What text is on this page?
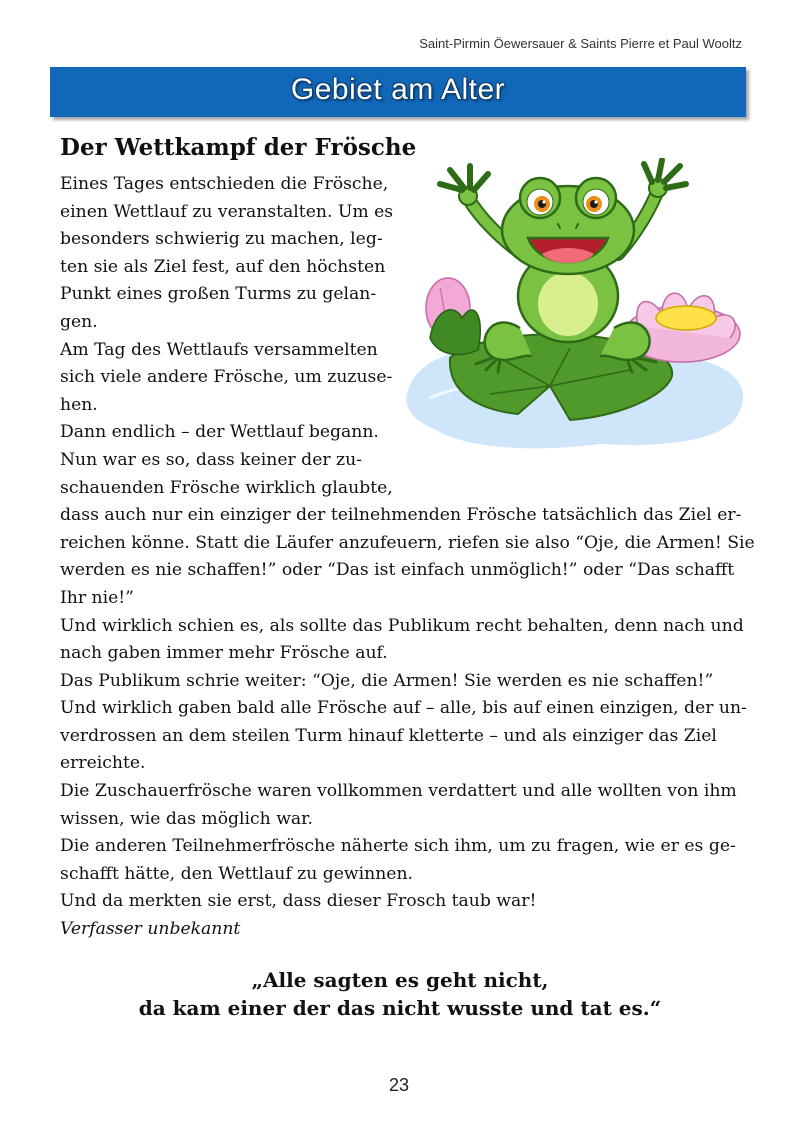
Saint-Pirmin Öewersauer & Saints Pierre et Paul Wooltz
Gebiet am Alter
Der Wettkampf der Frösche
Eines Tages entschieden die Frösche,
einen Wettlauf zu veranstalten. Um es
besonders schwierig zu machen, leg-
ten sie als Ziel fest, auf den höchsten
Punkt eines großen Turms zu gelan-
gen.
Am Tag des Wettlaufs versammelten
sich viele andere Frösche, um zuzuse-
hen.
Dann endlich – der Wettlauf begann.
Nun war es so, dass keiner der zu-
schauenden Frösche wirklich glaubte,
dass auch nur ein einziger der teilnehmenden Frösche tatsächlich das Ziel er-
reichen könne. Statt die Läufer anzufeuern, riefen sie also “Oje, die Armen! Sie
werden es nie schaffen!” oder “Das ist einfach unmöglich!” oder “Das schafft
Ihr nie!”
Und wirklich schien es, als sollte das Publikum recht behalten, denn nach und
nach gaben immer mehr Frösche auf.
Das Publikum schrie weiter: “Oje, die Armen! Sie werden es nie schaffen!”
Und wirklich gaben bald alle Frösche auf – alle, bis auf einen einzigen, der un-
verdrossen an dem steilen Turm hinauf kletterte – und als einziger das Ziel
erreichte.
Die Zuschauerfrösche waren vollkommen verdattert und alle wollten von ihm
wissen, wie das möglich war.
Die anderen Teilnehmerfrösche näherte sich ihm, um zu fragen, wie er es ge-
schafft hätte, den Wettlauf zu gewinnen.
Und da merkten sie erst, dass dieser Frosch taub war!
Verfasser unbekannt
„Alle sagten es geht nicht,
da kam einer der das nicht wusste und tat es.“
23
